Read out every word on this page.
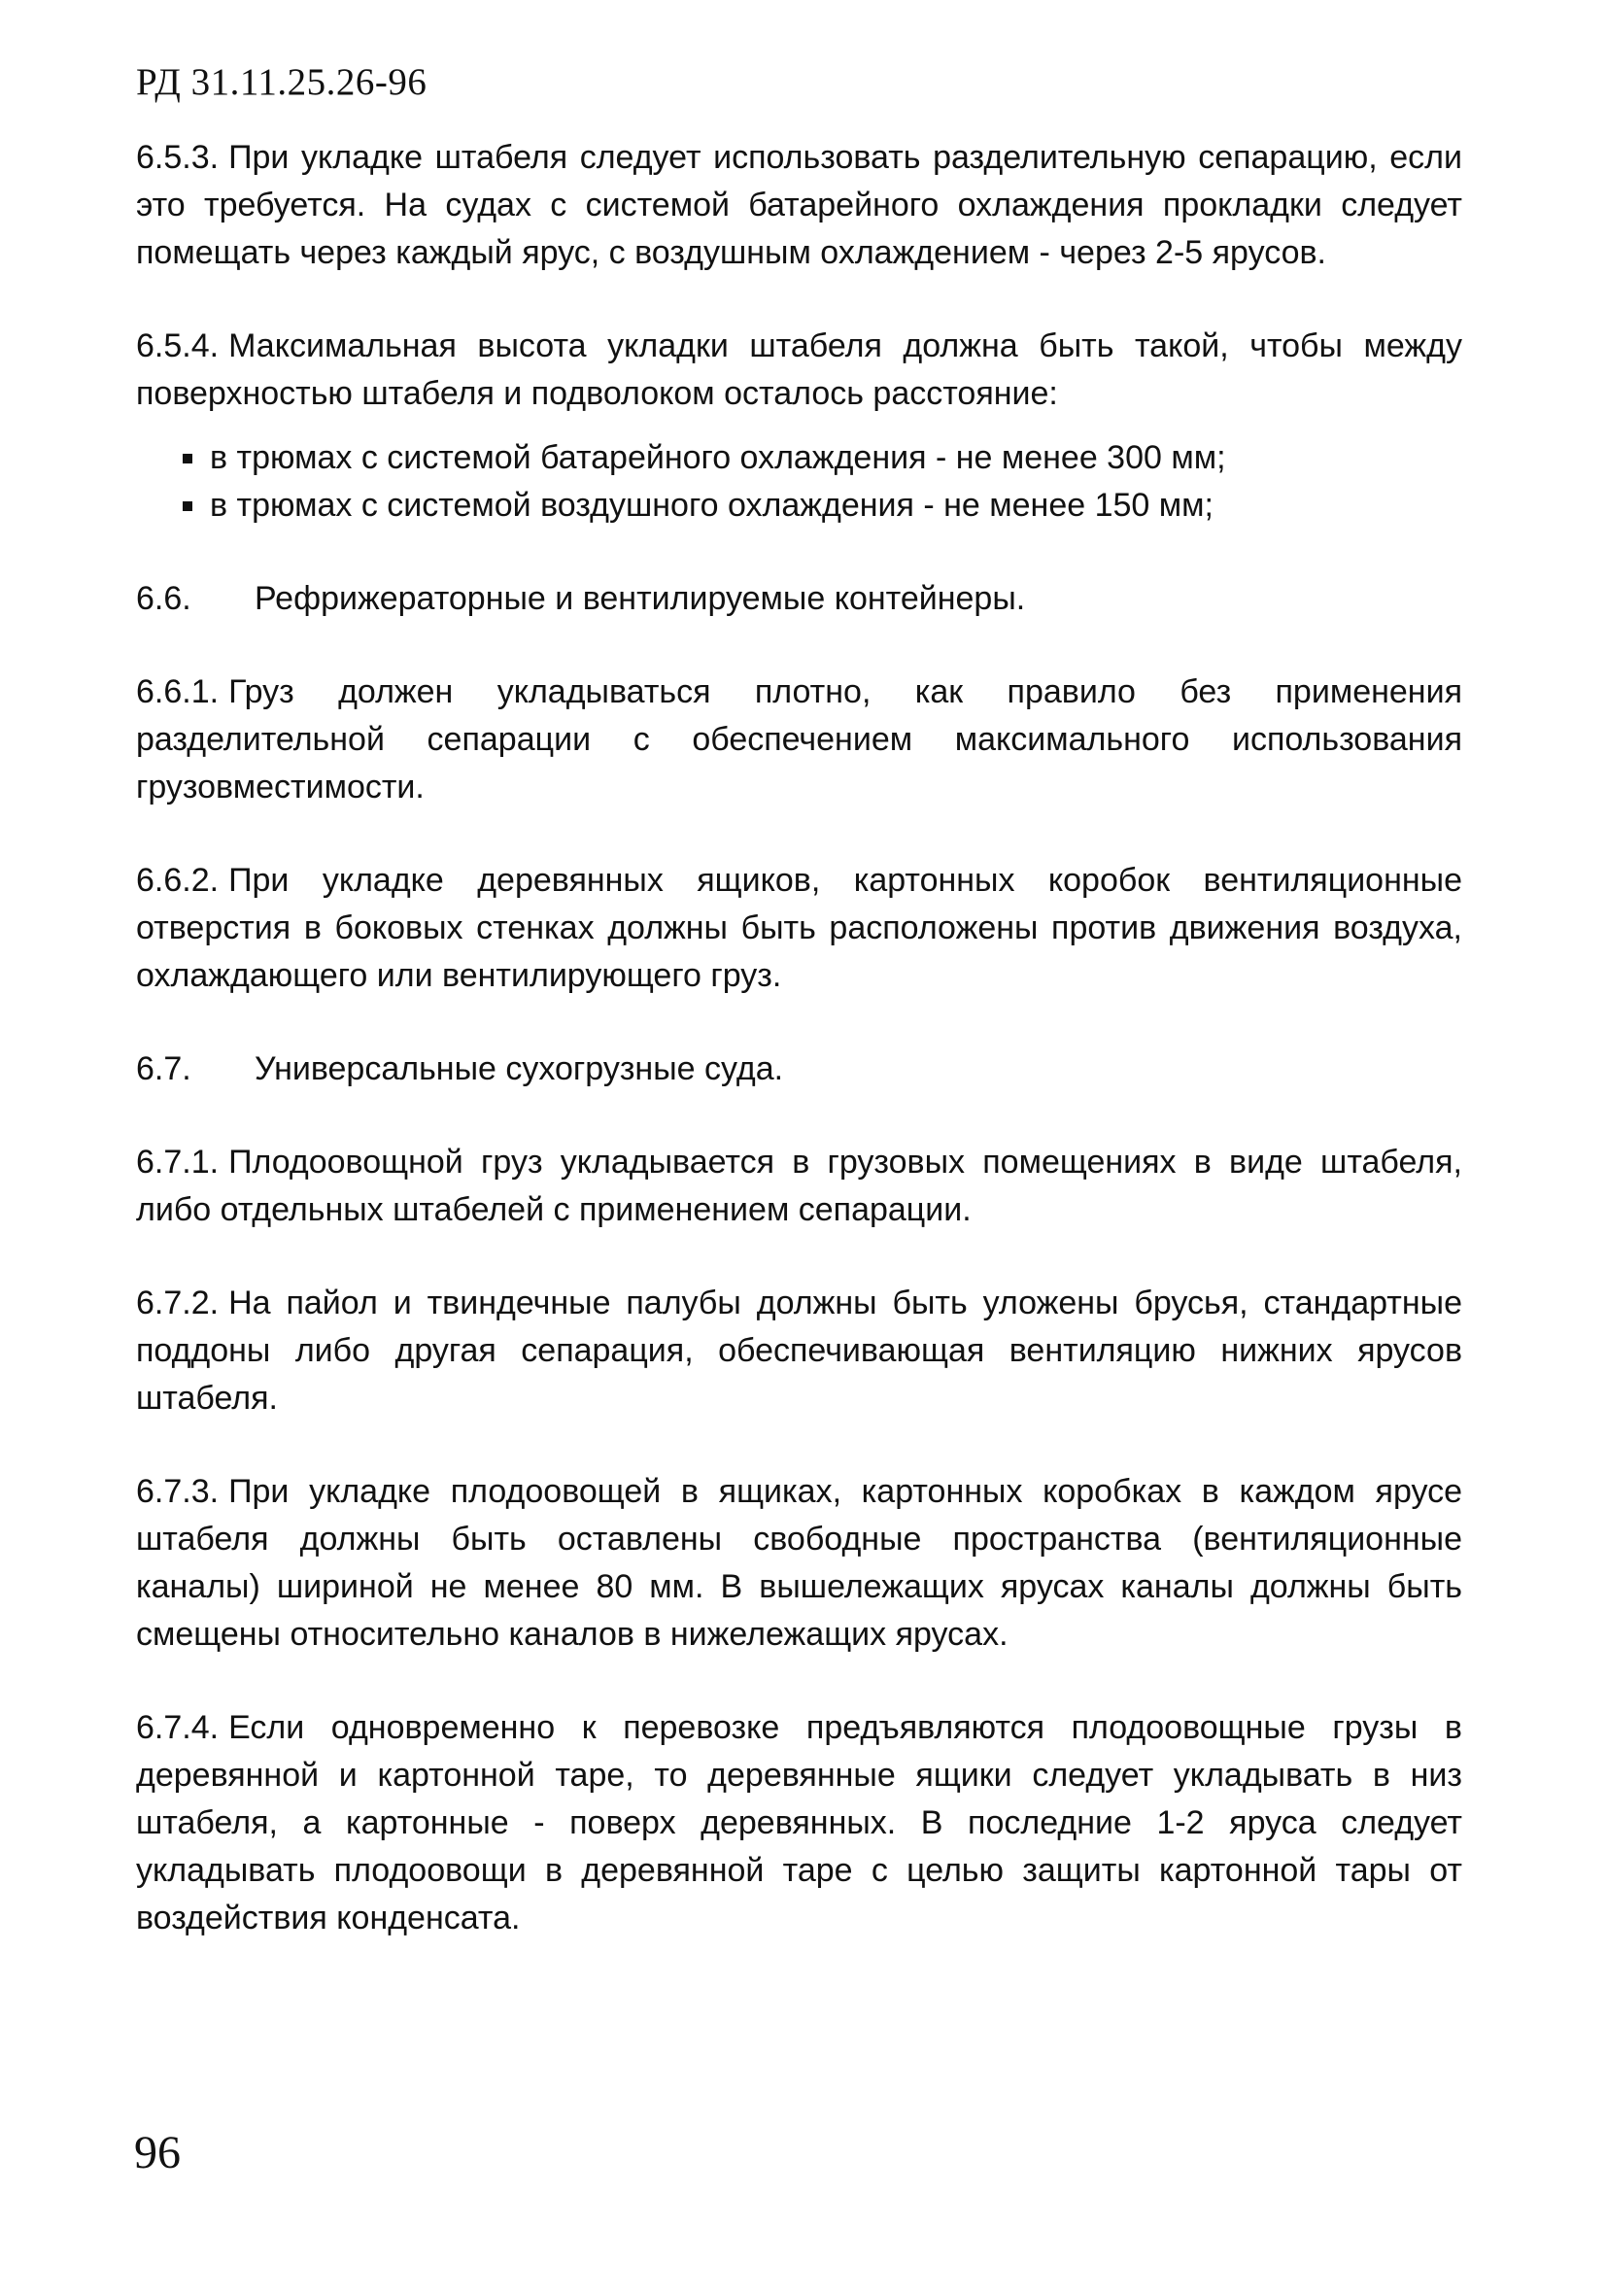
РД 31.11.25.26-96

6.5.3. При укладке штабеля следует использовать разделительную сепарацию, если это требуется. На судах с системой батарейного охлаждения прокладки следует помещать через каждый ярус, с воздушным охлаждением - через 2-5 ярусов.

6.5.4. Максимальная высота укладки штабеля должна быть такой, чтобы между поверхностью штабеля и подволоком осталось расстояние:

в трюмах с системой батарейного охлаждения - не менее 300 мм;
в трюмах с системой воздушного охлаждения - не менее 150 мм;

6.6. Рефрижераторные и вентилируемые контейнеры.

6.6.1. Груз должен укладываться плотно, как правило без применения разделительной сепарации с обеспечением максимального использования грузовместимости.

6.6.2. При укладке деревянных ящиков, картонных коробок вентиляционные отверстия в боковых стенках должны быть расположены против движения воздуха, охлаждающего или вентилирующего груз.

6.7. Универсальные сухогрузные суда.

6.7.1. Плодоовощной груз укладывается в грузовых помещениях в виде штабеля, либо отдельных штабелей с применением сепарации.

6.7.2. На пайол и твиндечные палубы должны быть уложены брусья, стандартные поддоны либо другая сепарация, обеспечивающая вентиляцию нижних ярусов штабеля.

6.7.3. При укладке плодоовощей в ящиках, картонных коробках в каждом ярусе штабеля должны быть оставлены свободные пространства (вентиляционные каналы) шириной не менее 80 мм. В вышележащих ярусах каналы должны быть смещены относительно каналов в нижележащих ярусах.

6.7.4. Если одновременно к перевозке предъявляются плодоовощные грузы в деревянной и картонной таре, то деревянные ящики следует укладывать в низ штабеля, а картонные - поверх деревянных. В последние 1-2 яруса следует укладывать плодоовощи в деревянной таре с целью защиты картонной тары от воздействия конденсата.

96
